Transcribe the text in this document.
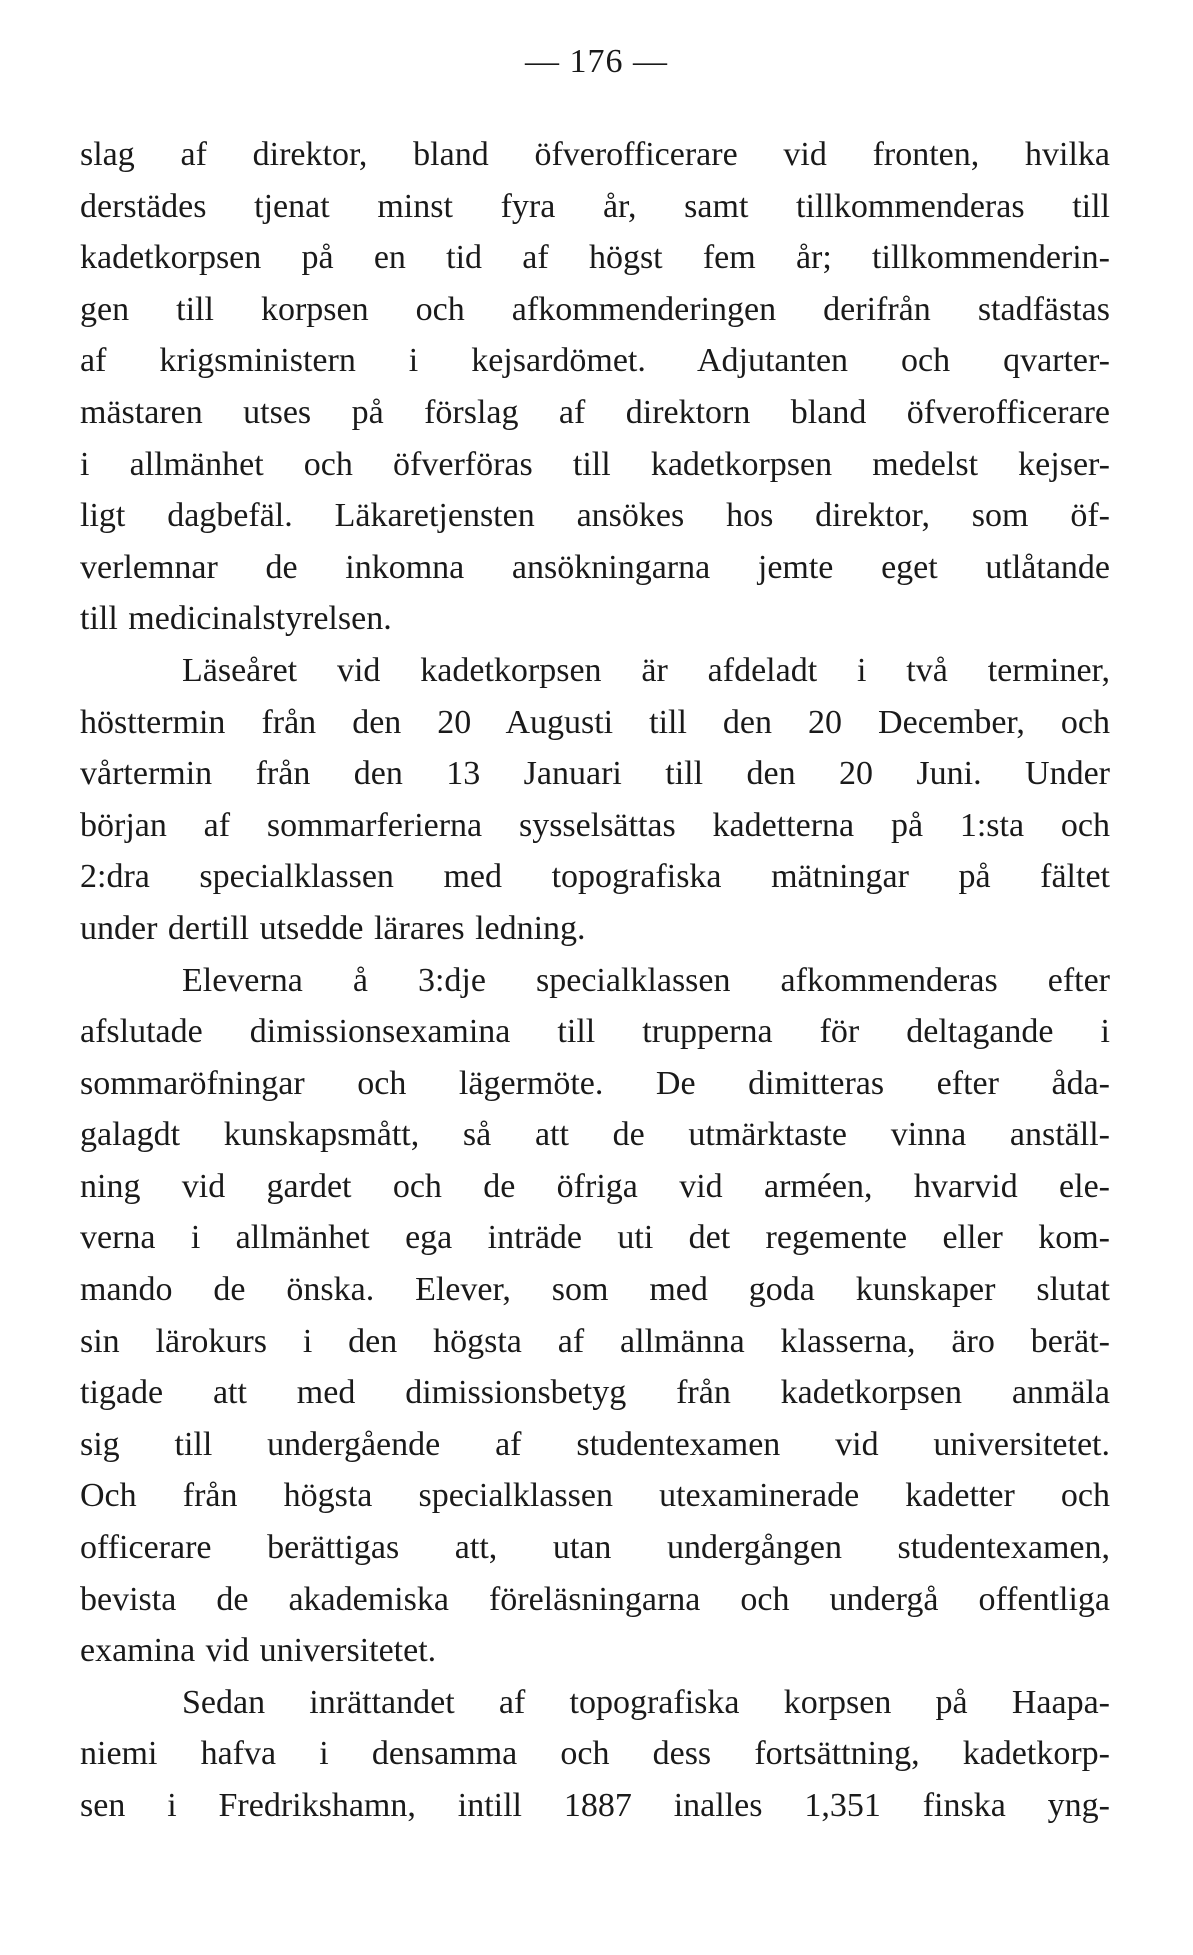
— 176 —
slag af direktor, bland öfverofficerare vid fronten, hvilka
derstädes tjenat minst fyra år, samt tillkommenderas till
kadetkorpsen på en tid af högst fem år; tillkommenderin-
gen till korpsen och afkommenderingen derifrån stadfästas
af krigsministern i kejsardömet. Adjutanten och qvarter-
mästaren utses på förslag af direktorn bland öfverofficerare
i allmänhet och öfverföras till kadetkorpsen medelst kejser-
ligt dagbefäl. Läkaretjensten ansökes hos direktor, som öf-
verlemnar de inkomna ansökningarna jemte eget utlåtande
till medicinalstyrelsen.
Läseåret vid kadetkorpsen är afdeladt i två terminer,
hösttermin från den 20 Augusti till den 20 December, och
vårtermin från den 13 Januari till den 20 Juni. Under
början af sommarferierna sysselsättas kadetterna på 1:sta och
2:dra specialklassen med topografiska mätningar på fältet
under dertill utsedde lärares ledning.
Eleverna å 3:dje specialklassen afkommenderas efter
afslutade dimissionsexamina till trupperna för deltagande i
sommaröfningar och lägermöte. De dimitteras efter åda-
galagdt kunskapsmått, så att de utmärktaste vinna anställ-
ning vid gardet och de öfriga vid arméen, hvarvid ele-
verna i allmänhet ega inträde uti det regemente eller kom-
mando de önska. Elever, som med goda kunskaper slutat
sin lärokurs i den högsta af allmänna klasserna, äro berät-
tigade att med dimissionsbetyg från kadetkorpsen anmäla
sig till undergående af studentexamen vid universitetet.
Och från högsta specialklassen utexaminerade kadetter och
officerare berättigas att, utan undergången studentexamen,
bevista de akademiska föreläsningarna och undergå offentliga
examina vid universitetet.
Sedan inrättandet af topografiska korpsen på Haapa-
niemi hafva i densamma och dess fortsättning, kadetkorp-
sen i Fredrikshamn, intill 1887 inalles 1,351 finska yng-
